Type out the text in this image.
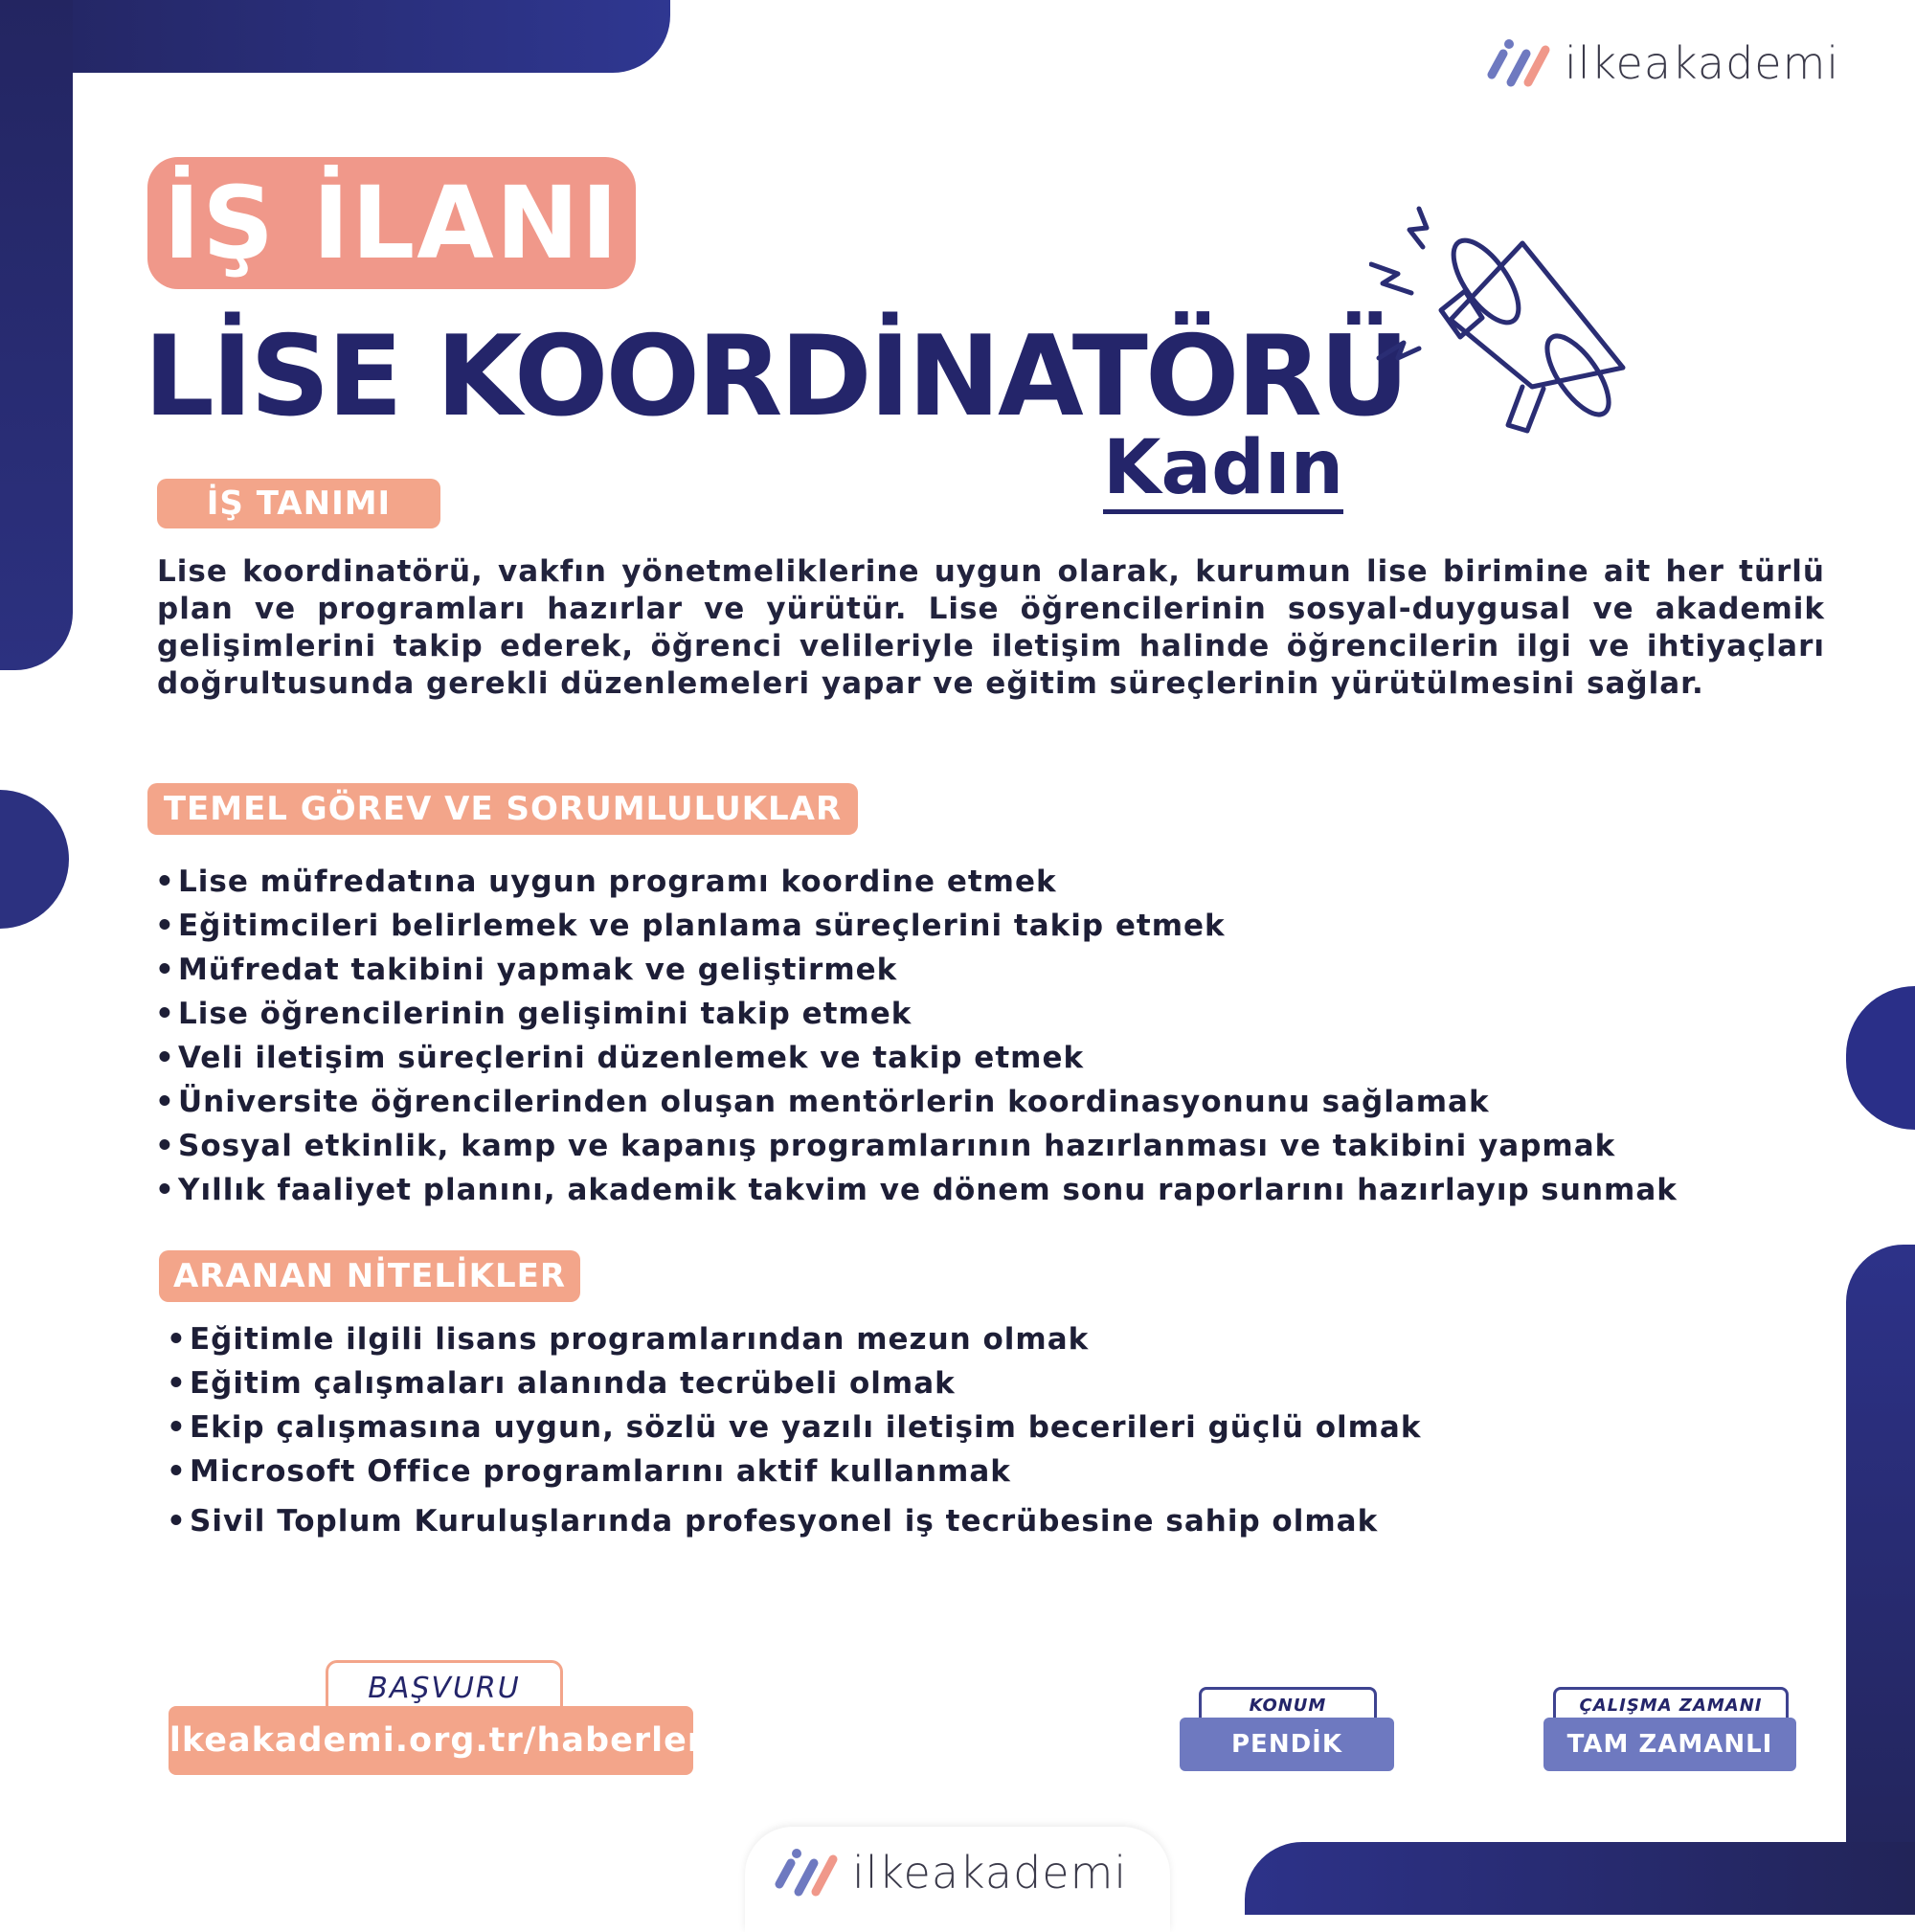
ilkeakademi
İŞ İLANI
LİSE KOORDİNATÖRÜ
Kadın
İŞ TANIMI
Lise koordinatörü, vakfın yönetmeliklerine uygun olarak, kurumun lise birimine ait her türlü plan ve programları hazırlar ve yürütür. Lise öğrencilerinin sosyal-duygusal ve akademik gelişimlerini takip ederek, öğrenci velileriyle iletişim halinde öğrencilerin ilgi ve ihtiyaçları doğrultusunda gerekli düzenlemeleri yapar ve eğitim süreçlerinin yürütülmesini sağlar.
TEMEL GÖREV VE SORUMLULUKLAR
• Lise müfredatına uygun programı koordine etmek
• Eğitimcileri belirlemek ve planlama süreçlerini takip etmek
• Müfredat takibini yapmak ve geliştirmek
• Lise öğrencilerinin gelişimini takip etmek
• Veli iletişim süreçlerini düzenlemek ve takip etmek
• Üniversite öğrencilerinden oluşan mentörlerin koordinasyonunu sağlamak
• Sosyal etkinlik, kamp ve kapanış programlarının hazırlanması ve takibini yapmak
• Yıllık faaliyet planını, akademik takvim ve dönem sonu raporlarını hazırlayıp sunmak
ARANAN NİTELİKLER
• Eğitimle ilgili lisans programlarından mezun olmak
• Eğitim çalışmaları alanında tecrübeli olmak
• Ekip çalışmasına uygun, sözlü ve yazılı iletişim becerileri güçlü olmak
• Microsoft Office programlarını aktif kullanmak
• Sivil Toplum Kuruluşlarında profesyonel iş tecrübesine sahip olmak
BAŞVURU
ilkeakademi.org.tr/haberler
KONUM
PENDİK
ÇALIŞMA ZAMANI
TAM ZAMANLI
ilkeakademi
